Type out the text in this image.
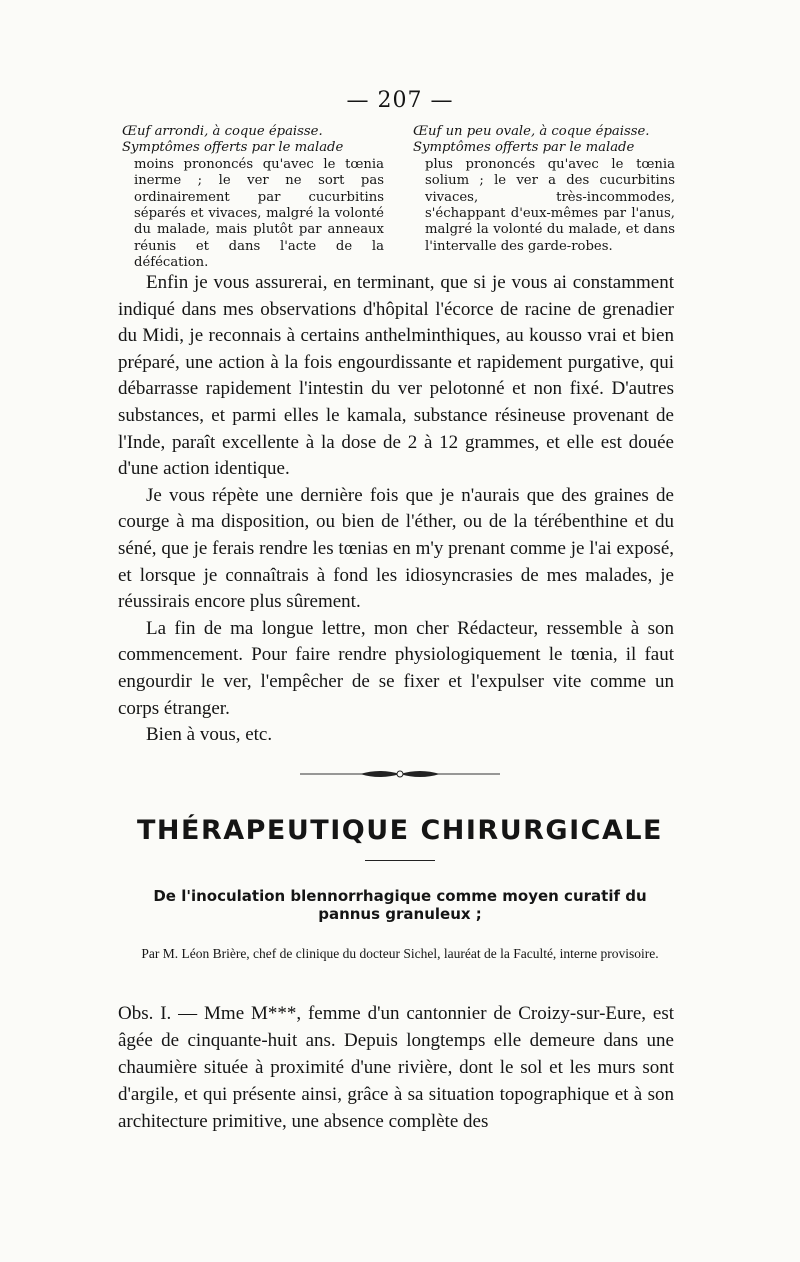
— 207 —

Œuf arrondi, à coque épaisse.

Symptômes offerts par le malade

moins prononcés qu'avec le tœnia inerme ; le ver ne sort pas ordinairement par cucurbitins séparés et vivaces, malgré la volonté du malade, mais plutôt par anneaux réunis et dans l'acte de la défécation.

Œuf un peu ovale, à coque épaisse.

Symptômes offerts par le malade

plus prononcés qu'avec le tœnia solium ; le ver a des cucurbitins vivaces, très-incommodes, s'échappant d'eux-mêmes par l'anus, malgré la volonté du malade, et dans l'intervalle des garde-robes.

Enfin je vous assurerai, en terminant, que si je vous ai constamment indiqué dans mes observations d'hôpital l'écorce de racine de grenadier du Midi, je reconnais à certains anthelminthiques, au kousso vrai et bien préparé, une action à la fois engourdissante et rapidement purgative, qui débarrasse rapidement l'intestin du ver pelotonné et non fixé. D'autres substances, et parmi elles le kamala, substance résineuse provenant de l'Inde, paraît excellente à la dose de 2 à 12 grammes, et elle est douée d'une action identique.

Je vous répète une dernière fois que je n'aurais que des graines de courge à ma disposition, ou bien de l'éther, ou de la térébenthine et du séné, que je ferais rendre les tœnias en m'y prenant comme je l'ai exposé, et lorsque je connaîtrais à fond les idiosyncrasies de mes malades, je réussirais encore plus sûrement.

La fin de ma longue lettre, mon cher Rédacteur, ressemble à son commencement. Pour faire rendre physiologiquement le tœnia, il faut engourdir le ver, l'empêcher de se fixer et l'expulser vite comme un corps étranger.

Bien à vous, etc.

THÉRAPEUTIQUE CHIRURGICALE
De l'inoculation blennorrhagique comme moyen curatif du pannus granuleux ;
Par M. Léon Brière, chef de clinique du docteur Sichel, lauréat de la Faculté, interne provisoire.

Obs. I. — Mme M***, femme d'un cantonnier de Croizy-sur-Eure, est âgée de cinquante-huit ans. Depuis longtemps elle demeure dans une chaumière située à proximité d'une rivière, dont le sol et les murs sont d'argile, et qui présente ainsi, grâce à sa situation topographique et à son architecture primitive, une absence complète des
